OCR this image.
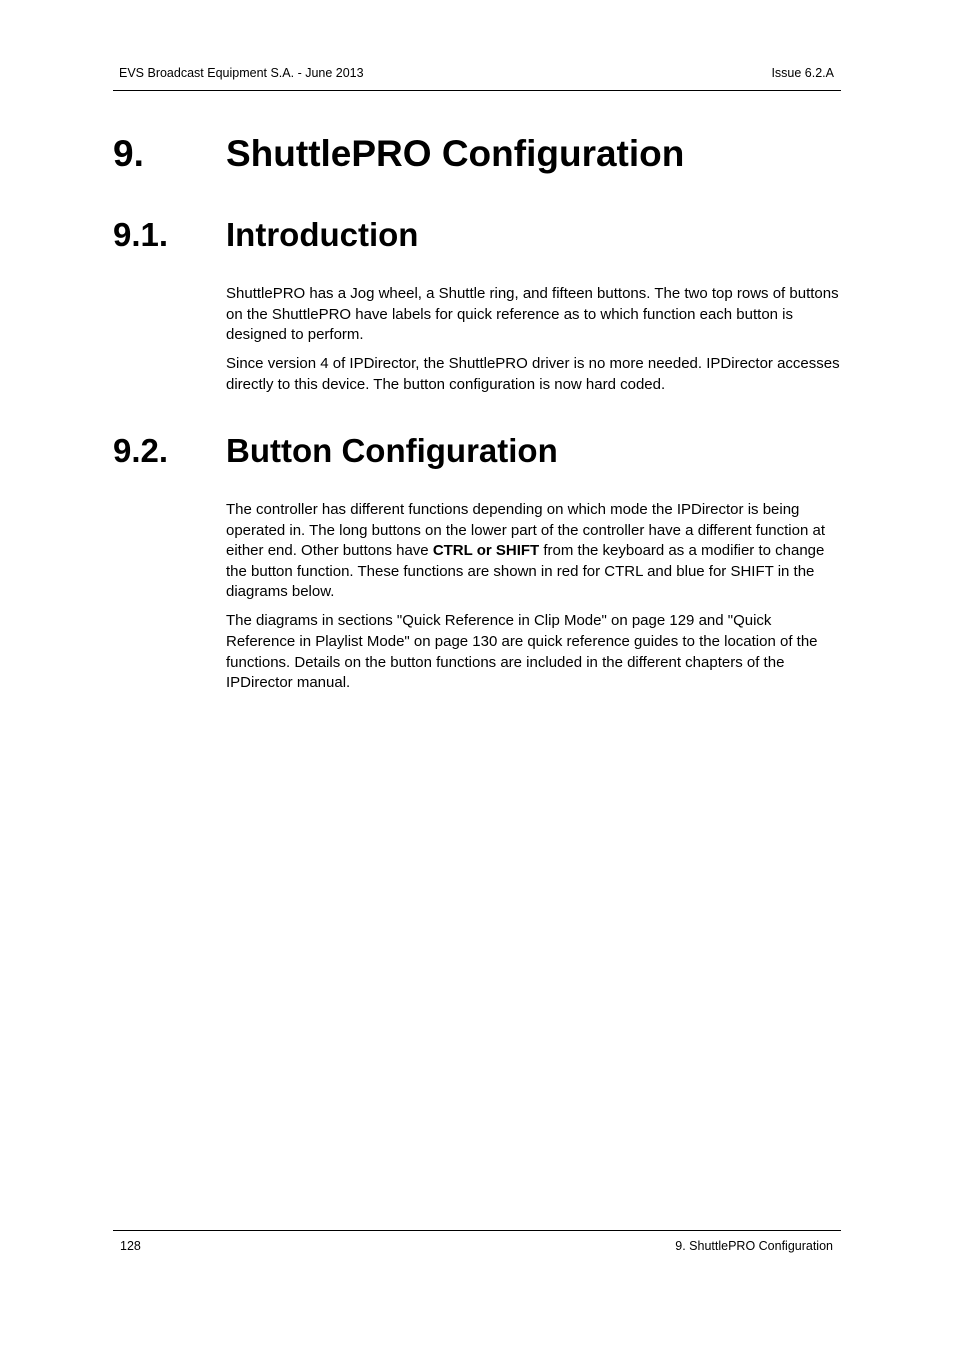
EVS Broadcast Equipment S.A. - June 2013	Issue 6.2.A
9. ShuttlePRO Configuration
9.1. Introduction

ShuttlePRO has a Jog wheel, a Shuttle ring, and fifteen buttons. The two top rows of buttons on the ShuttlePRO have labels for quick reference as to which function each button is designed to perform.

Since version 4 of IPDirector, the ShuttlePRO driver is no more needed. IPDirector accesses directly to this device. The button configuration is now hard coded.

9.2. Button Configuration

The controller has different functions depending on which mode the IPDirector is being operated in. The long buttons on the lower part of the controller have a different function at either end. Other buttons have CTRL or SHIFT from the keyboard as a modifier to change the button function. These functions are shown in red for CTRL and blue for SHIFT in the diagrams below.

The diagrams in sections "Quick Reference in Clip Mode" on page 129 and "Quick Reference in Playlist Mode" on page 130 are quick reference guides to the location of the functions. Details on the button functions are included in the different chapters of the IPDirector manual.

128	9. ShuttlePRO Configuration
